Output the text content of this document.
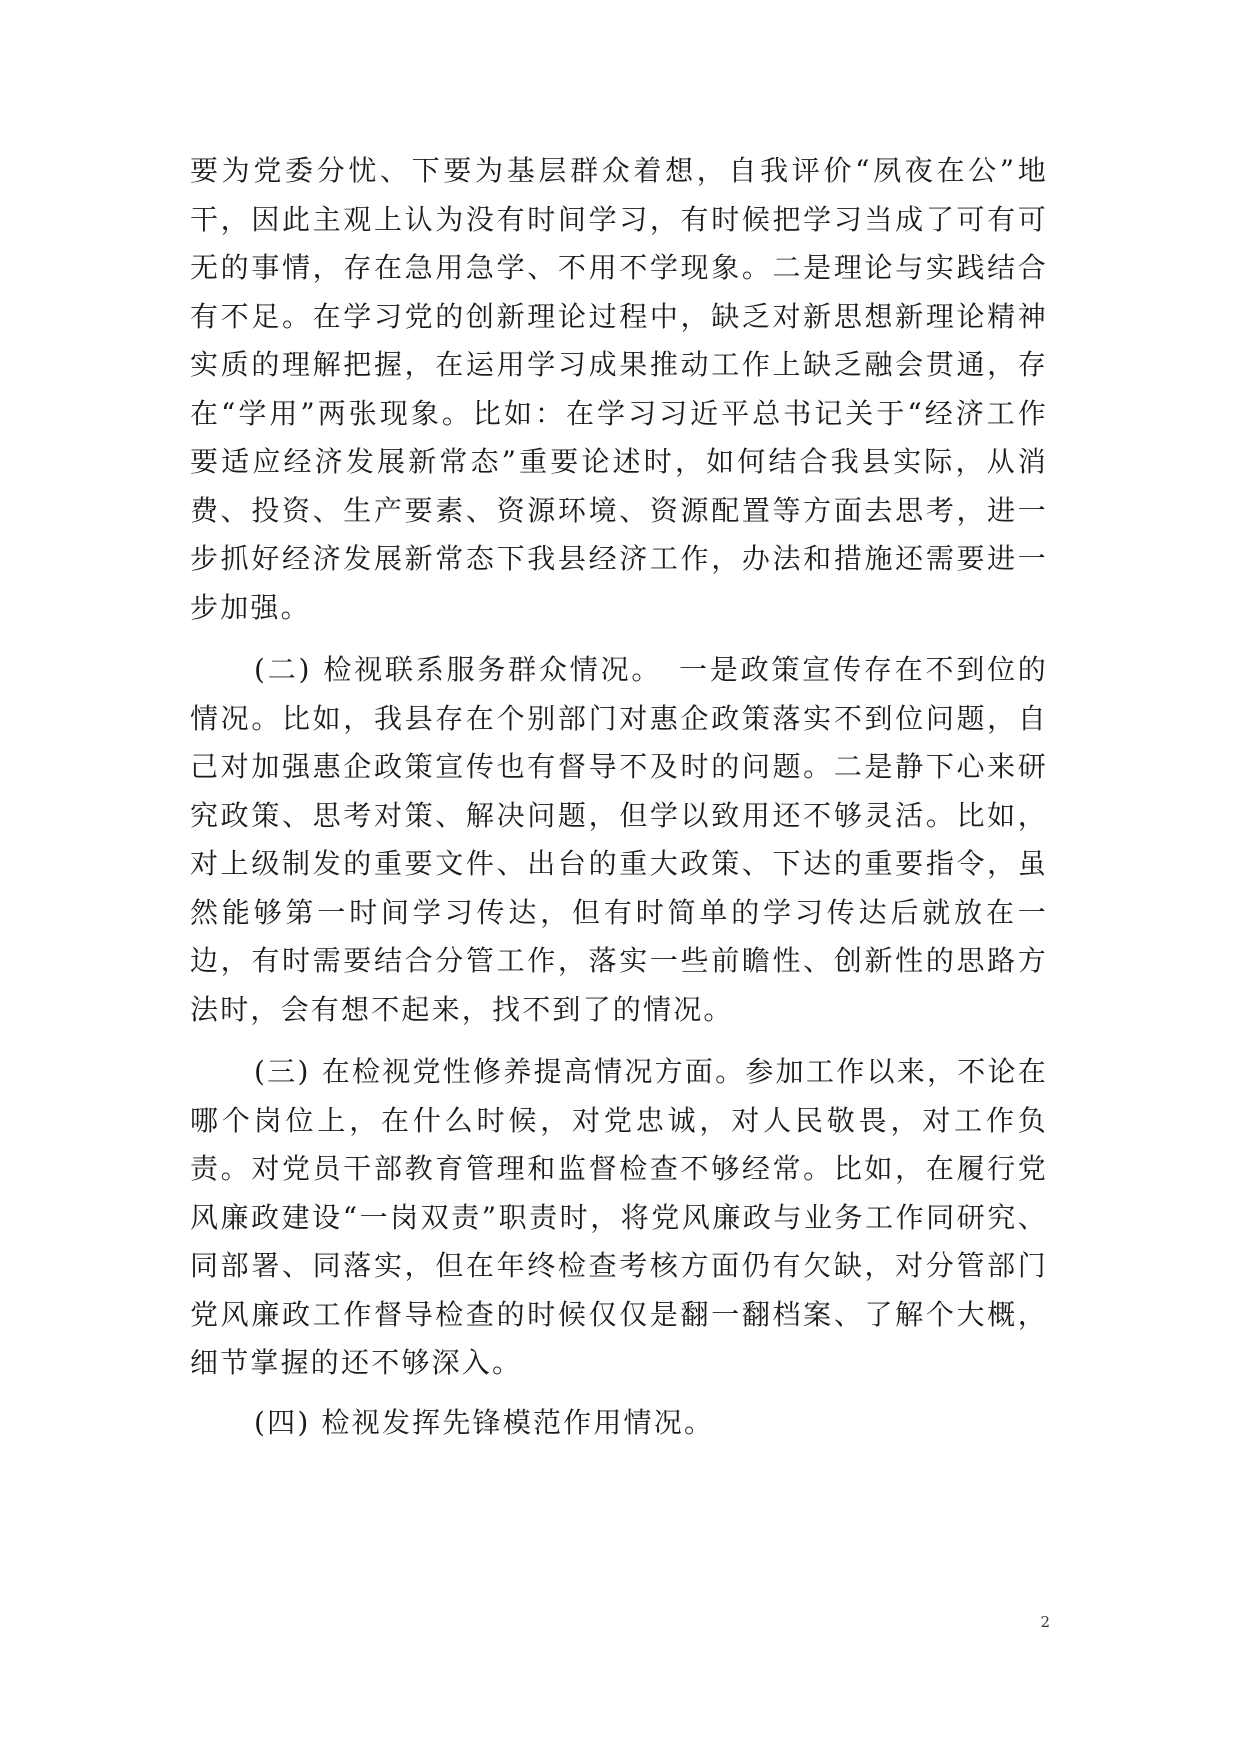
要为党委分忧、下要为基层群众着想，自我评价“夙夜在公”地干，因此主观上认为没有时间学习，有时候把学习当成了可有可无的事情，存在急用急学、不用不学现象。二是理论与实践结合有不足。在学习党的创新理论过程中，缺乏对新思想新理论精神实质的理解把握，在运用学习成果推动工作上缺乏融会贯通，存在“学用”两张现象。比如：在学习习近平总书记关于“经济工作要适应经济发展新常态”重要论述时，如何结合我县实际，从消费、投资、生产要素、资源环境、资源配置等方面去思考，进一步抓好经济发展新常态下我县经济工作，办法和措施还需要进一步加强。

(二) 检视联系服务群众情况。　一是政策宣传存在不到位的情况。比如，我县存在个别部门对惠企政策落实不到位问题，自己对加强惠企政策宣传也有督导不及时的问题。二是静下心来研究政策、思考对策、解决问题，但学以致用还不够灵活。比如，对上级制发的重要文件、出台的重大政策、下达的重要指令，虽然能够第一时间学习传达，但有时简单的学习传达后就放在一边，有时需要结合分管工作，落实一些前瞻性、创新性的思路方法时，会有想不起来，找不到了的情况。

(三) 在检视党性修养提高情况方面。参加工作以来，不论在哪个岗位上，在什么时候，对党忠诚，对人民敬畏，对工作负责。对党员干部教育管理和监督检查不够经常。比如，在履行党风廉政建设“一岗双责”职责时，将党风廉政与业务工作同研究、同部署、同落实，但在年终检查考核方面仍有欠缺，对分管部门党风廉政工作督导检查的时候仅仅是翻一翻档案、了解个大概，细节掌握的还不够深入。

(四) 检视发挥先锋模范作用情况。

2
